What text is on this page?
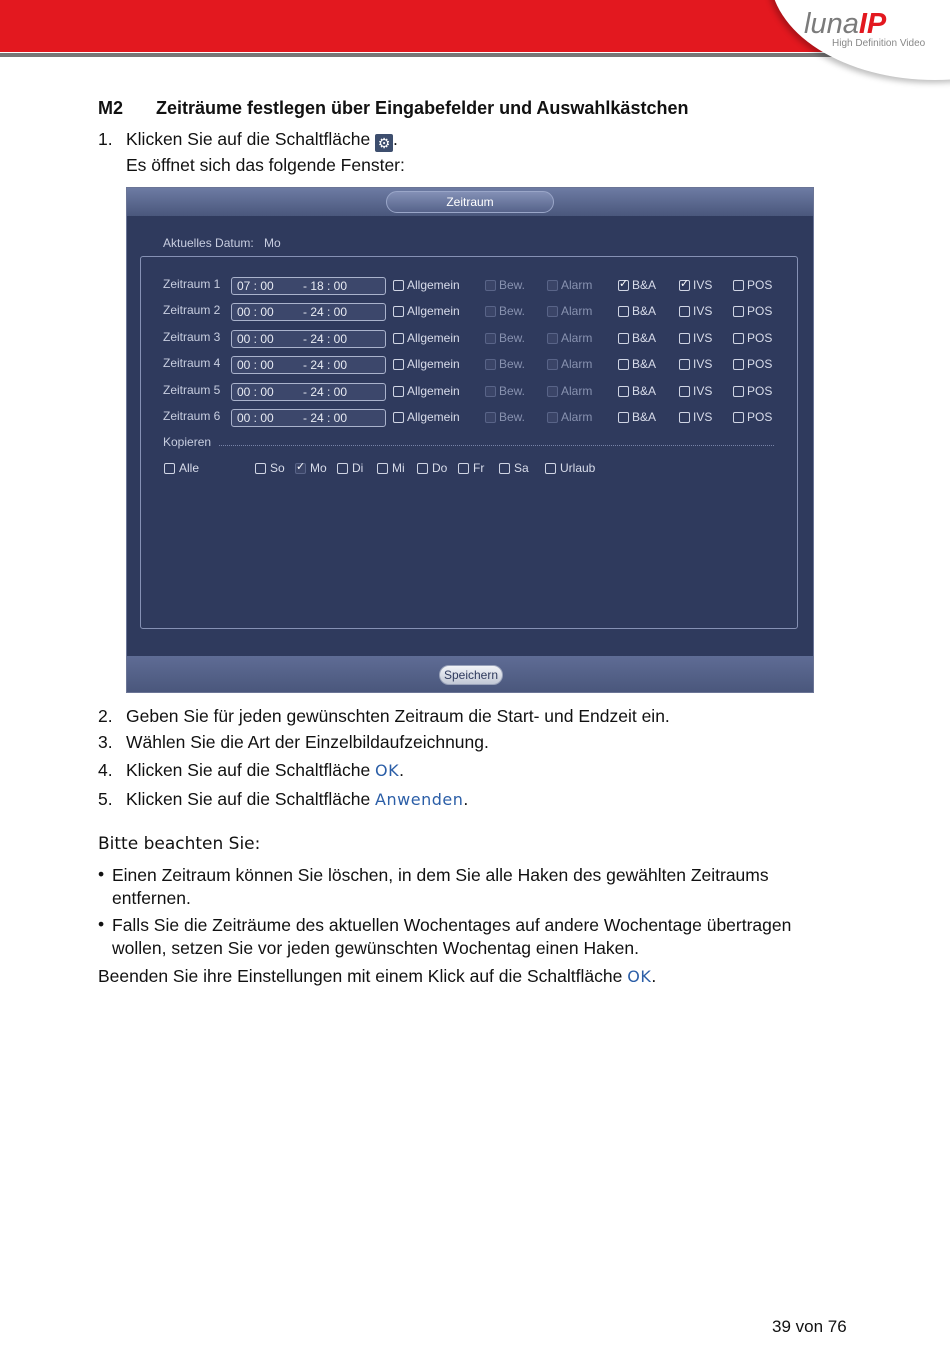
lunaIP
High Definition Video
M2 Zeiträume festlegen über Eingabefelder und Auswahlkästchen
1. Klicken Sie auf die Schaltfläche ⚙ .
Es öffnet sich das folgende Fenster:
Zeitraum
Aktuelles Datum: Mo
Zeitraum 1 07 : 00 - 18 : 00	Allgemein	Bew.	Alarm ✓	B&A ✓	IVS	POS
Zeitraum 2 00 : 00 - 24 : 00	Allgemein	Bew.	Alarm	B&A	IVS	POS
Zeitraum 3 00 : 00 - 24 : 00	Allgemein	Bew.	Alarm	B&A	IVS	POS
Zeitraum 4 00 : 00 - 24 : 00	Allgemein	Bew.	Alarm	B&A	IVS	POS
Zeitraum 5 00 : 00 - 24 : 00	Allgemein	Bew.	Alarm	B&A	IVS	POS
Zeitraum 6 00 : 00 - 24 : 00	Allgemein	Bew.	Alarm	B&A	IVS	POS
Kopieren
Alle	So ✓ Mo Di Mi Do Fr Sa	Urlaub
Speichern
2. Geben Sie für jeden gewünschten Zeitraum die Start- und Endzeit ein.
3. Wählen Sie die Art der Einzelbildaufzeichnung.
4. Klicken Sie auf die Schaltfläche OK.
5. Klicken Sie auf die Schaltfläche Anwenden.
Bitte beachten Sie:
• Einen Zeitraum können Sie löschen, in dem Sie alle Haken des gewählten Zeitraums
entfernen.
• Falls Sie die Zeiträume des aktuellen Wochentages auf andere Wochentage übertragen
wollen, setzen Sie vor jeden gewünschten Wochentag einen Haken.
Beenden Sie ihre Einstellungen mit einem Klick auf die Schaltfläche OK.
39 von 76
